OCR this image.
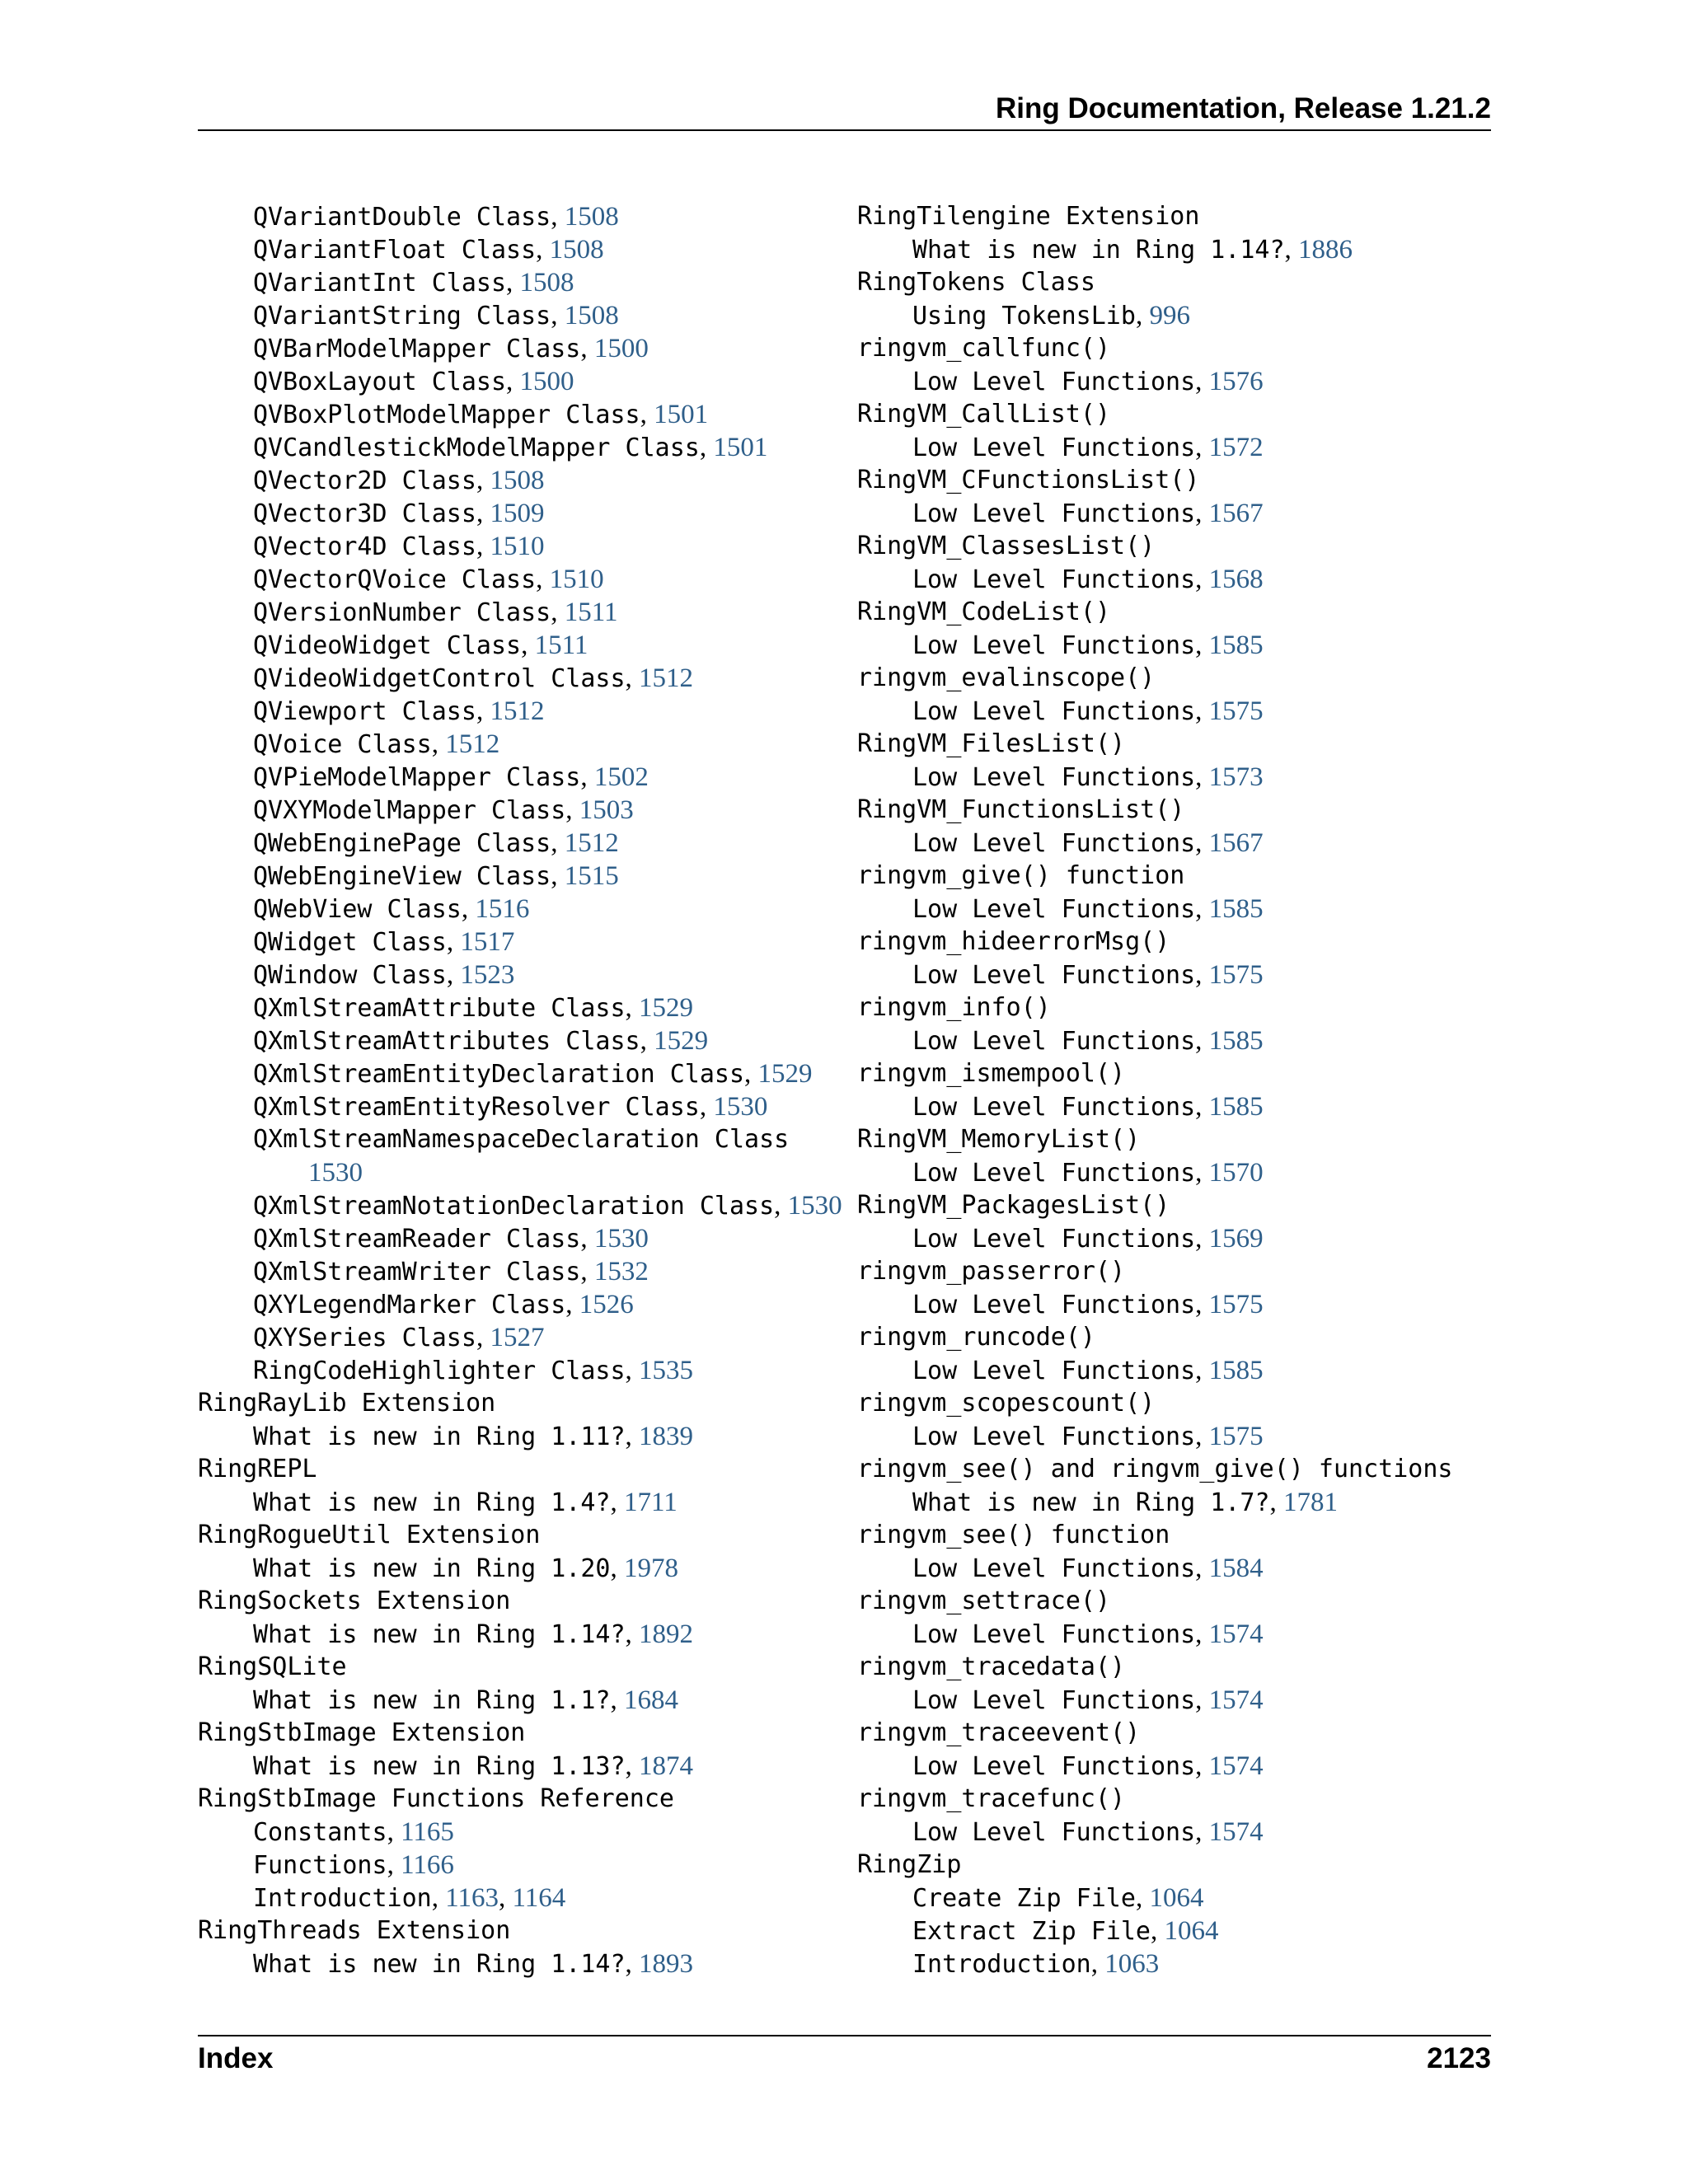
Ring Documentation, Release 1.21.2
QVariantDouble Class, 1508
QVariantFloat Class, 1508
QVariantInt Class, 1508
QVariantString Class, 1508
QVBarModelMapper Class, 1500
QVBoxLayout Class, 1500
QVBoxPlotModelMapper Class, 1501
QVCandlestickModelMapper Class, 1501
QVector2D Class, 1508
QVector3D Class, 1509
QVector4D Class, 1510
QVectorQVoice Class, 1510
QVersionNumber Class, 1511
QVideoWidget Class, 1511
QVideoWidgetControl Class, 1512
QViewport Class, 1512
QVoice Class, 1512
QVPieModelMapper Class, 1502
QVXYModelMapper Class, 1503
QWebEnginePage Class, 1512
QWebEngineView Class, 1515
QWebView Class, 1516
QWidget Class, 1517
QWindow Class, 1523
QXmlStreamAttribute Class, 1529
QXmlStreamAttributes Class, 1529
QXmlStreamEntityDeclaration Class, 1529
QXmlStreamEntityResolver Class, 1530
QXmlStreamNamespaceDeclaration Class
1530
QXmlStreamNotationDeclaration Class, 1530
QXmlStreamReader Class, 1530
QXmlStreamWriter Class, 1532
QXYLegendMarker Class, 1526
QXYSeries Class, 1527
RingCodeHighlighter Class, 1535
RingRayLib Extension
What is new in Ring 1.11?, 1839
RingREPL
What is new in Ring 1.4?, 1711
RingRogueUtil Extension
What is new in Ring 1.20, 1978
RingSockets Extension
What is new in Ring 1.14?, 1892
RingSQLite
What is new in Ring 1.1?, 1684
RingStbImage Extension
What is new in Ring 1.13?, 1874
RingStbImage Functions Reference
Constants, 1165
Functions, 1166
Introduction, 1163, 1164
RingThreads Extension
What is new in Ring 1.14?, 1893
RingTilengine Extension
What is new in Ring 1.14?, 1886
RingTokens Class
Using TokensLib, 996
ringvm_callfunc()
Low Level Functions, 1576
RingVM_CallList()
Low Level Functions, 1572
RingVM_CFunctionsList()
Low Level Functions, 1567
RingVM_ClassesList()
Low Level Functions, 1568
RingVM_CodeList()
Low Level Functions, 1585
ringvm_evalinscope()
Low Level Functions, 1575
RingVM_FilesList()
Low Level Functions, 1573
RingVM_FunctionsList()
Low Level Functions, 1567
ringvm_give() function
Low Level Functions, 1585
ringvm_hideerrorMsg()
Low Level Functions, 1575
ringvm_info()
Low Level Functions, 1585
ringvm_ismempool()
Low Level Functions, 1585
RingVM_MemoryList()
Low Level Functions, 1570
RingVM_PackagesList()
Low Level Functions, 1569
ringvm_passerror()
Low Level Functions, 1575
ringvm_runcode()
Low Level Functions, 1585
ringvm_scopescount()
Low Level Functions, 1575
ringvm_see() and ringvm_give() functions
What is new in Ring 1.7?, 1781
ringvm_see() function
Low Level Functions, 1584
ringvm_settrace()
Low Level Functions, 1574
ringvm_tracedata()
Low Level Functions, 1574
ringvm_traceevent()
Low Level Functions, 1574
ringvm_tracefunc()
Low Level Functions, 1574
RingZip
Create Zip File, 1064
Extract Zip File, 1064
Introduction, 1063
Index	2123
